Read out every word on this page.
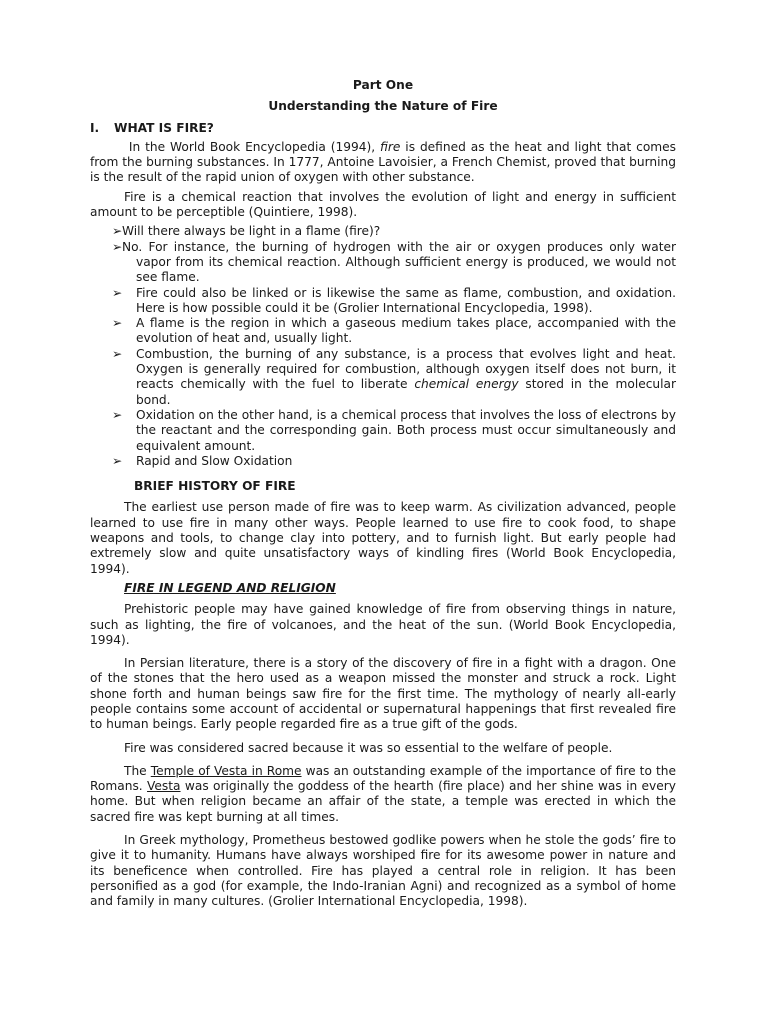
Part One
Understanding the Nature of Fire
I. WHAT IS FIRE?

In the World Book Encyclopedia (1994), fire is defined as the heat and light that comes from the burning substances. In 1777, Antoine Lavoisier, a French Chemist, proved that burning is the result of the rapid union of oxygen with other substance.

Fire is a chemical reaction that involves the evolution of light and energy in sufficient amount to be perceptible (Quintiere, 1998).

➢ Will there always be light in a flame (fire)?
➢ No. For instance, the burning of hydrogen with the air or oxygen produces only water vapor from its chemical reaction. Although sufficient energy is produced, we would not see flame.
➢ Fire could also be linked or is likewise the same as flame, combustion, and oxidation. Here is how possible could it be (Grolier International Encyclopedia, 1998).
➢ A flame is the region in which a gaseous medium takes place, accompanied with the evolution of heat and, usually light.
➢ Combustion, the burning of any substance, is a process that evolves light and heat. Oxygen is generally required for combustion, although oxygen itself does not burn, it reacts chemically with the fuel to liberate chemical energy stored in the molecular bond.
➢ Oxidation on the other hand, is a chemical process that involves the loss of electrons by the reactant and the corresponding gain. Both process must occur simultaneously and equivalent amount.
➢ Rapid and Slow Oxidation
BRIEF HISTORY OF FIRE

The earliest use person made of fire was to keep warm. As civilization advanced, people learned to use fire in many other ways. People learned to use fire to cook food, to shape weapons and tools, to change clay into pottery, and to furnish light. But early people had extremely slow and quite unsatisfactory ways of kindling fires (World Book Encyclopedia, 1994).

FIRE IN LEGEND AND RELIGION

Prehistoric people may have gained knowledge of fire from observing things in nature, such as lighting, the fire of volcanoes, and the heat of the sun. (World Book Encyclopedia, 1994).

In Persian literature, there is a story of the discovery of fire in a fight with a dragon. One of the stones that the hero used as a weapon missed the monster and struck a rock. Light shone forth and human beings saw fire for the first time. The mythology of nearly all-early people contains some account of accidental or supernatural happenings that first revealed fire to human beings. Early people regarded fire as a true gift of the gods.

Fire was considered sacred because it was so essential to the welfare of people.

The Temple of Vesta in Rome was an outstanding example of the importance of fire to the Romans. Vesta was originally the goddess of the hearth (fire place) and her shine was in every home. But when religion became an affair of the state, a temple was erected in which the sacred fire was kept burning at all times.

In Greek mythology, Prometheus bestowed godlike powers when he stole the gods’ fire to give it to humanity. Humans have always worshiped fire for its awesome power in nature and its beneficence when controlled. Fire has played a central role in religion. It has been personified as a god (for example, the Indo-Iranian Agni) and recognized as a symbol of home and family in many cultures. (Grolier International Encyclopedia, 1998).
